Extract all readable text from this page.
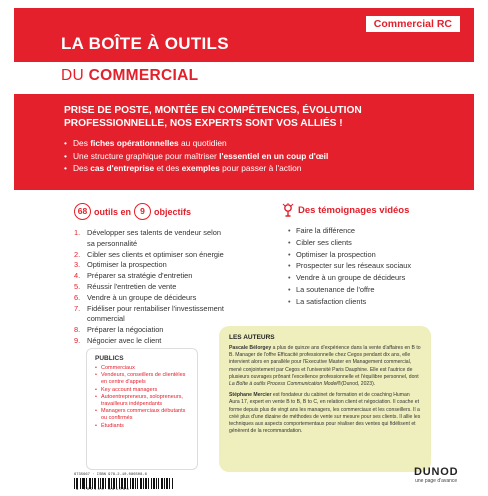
Commercial RC
LA BOÎTE À OUTILS
DU COMMERCIAL
PRISE DE POSTE, MONTÉE EN COMPÉTENCES, ÉVOLUTION PROFESSIONNELLE, NOS EXPERTS SONT VOS ALLIÉS !
• Des fiches opérationnelles au quotidien
• Une structure graphique pour maîtriser l'essentiel en un coup d'œil
• Des cas d'entreprise et des exemples pour passer à l'action
68 outils en	9	objectifs
1. Développer ses talents de vendeur selon
sa personnalité
2. Cibler ses clients et optimiser son énergie
3. Optimiser la prospection
4. Préparer sa stratégie d'entretien
5. Réussir l'entretien de vente
6. Vendre à un groupe de décideurs
7. Fidéliser pour rentabiliser l'investissement
commercial
8. Préparer la négociation
9. Négocier avec le client
Des témoignages vidéos
• Faire la différence
• Cibler ses clients
• Optimiser la prospection
• Prospecter sur les réseaux sociaux
• Vendre à un groupe de décideurs
• La soutenance de l'offre
• La satisfaction clients
LES AUTEURS

Pascale Bélorgey a plus de quinze ans d'expérience dans la vente d'affaires en B to B. Manager de l'offre Efficacité professionnelle chez Cegos pendant dix ans, elle intervient alors en parallèle pour l'Executive Master en Management commercial, mené conjointement par Cegos et l'université Paris Dauphine. Elle est l'autrice de plusieurs ouvrages prônant l'excellence professionnelle et l'équilibre personnel, dont La Boîte à outils Process Communication Model®(Dunod, 2023).

Stéphane Mercier est fondateur du cabinet de formation et de coaching Human Aura 17, expert en vente B to B, B to C, en relation client et négociation. Il coache et forme depuis plus de vingt ans les managers, les commerciaux et les conseillers. Il a créé plus d'une dizaine de méthodes de vente sur mesure pour ses clients. Il allie les techniques aux aspects comportementaux pour réaliser des ventes qui fidélisent et génèrent de la recommandation.

PUBLICS
• Commerciaux
• Vendeurs, conseillers de clientèles en centre d'appels
• Key account managers
• Autoentrepreneurs, solopreneurs, travailleurs indépendants
• Managers commerciaux débutants ou confirmés
• Étudiants
6735667 · ISBN 978-2-10-086508-6
9 782100 865086
DUNOD
une page d'avance
